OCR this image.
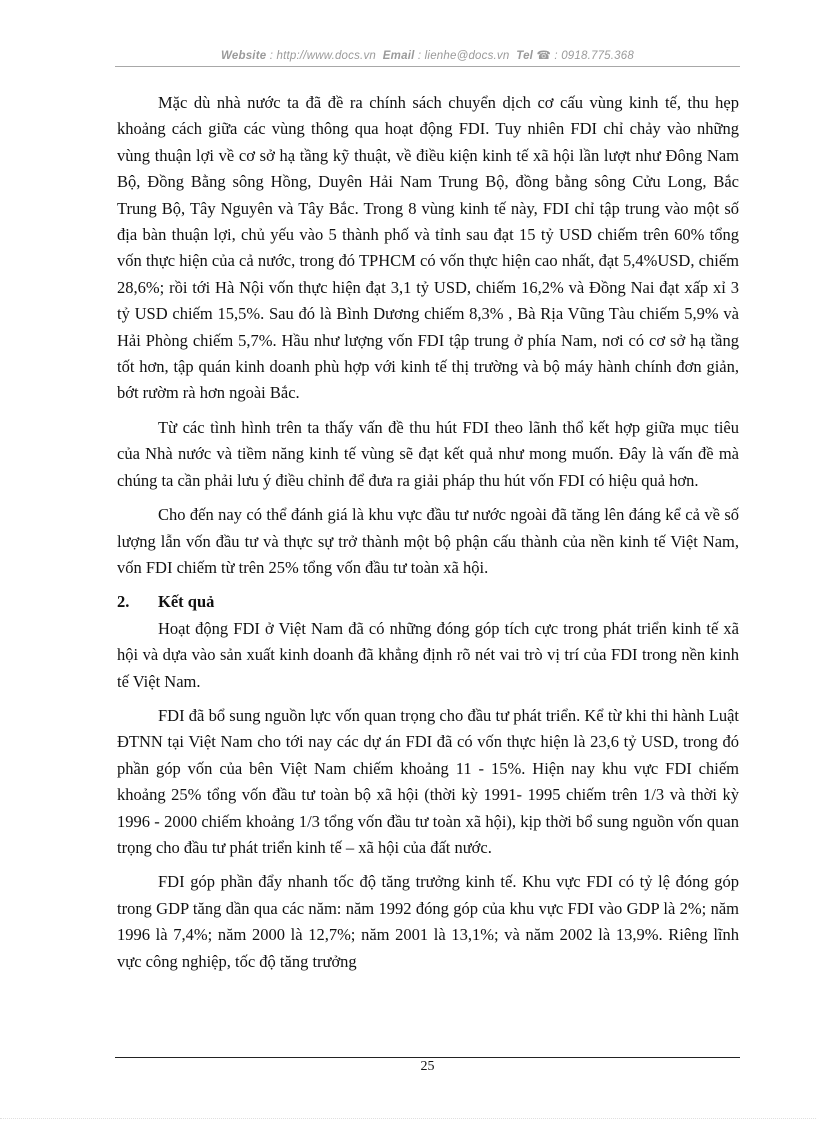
Website : http://www.docs.vn Email : lienhe@docs.vn Tel ☎ : 0918.775.368

Mặc dù nhà nước ta đã đề ra chính sách chuyển dịch cơ cấu vùng kinh tế, thu hẹp khoảng cách giữa các vùng thông qua hoạt động FDI. Tuy nhiên FDI chỉ chảy vào những vùng thuận lợi về cơ sở hạ tầng kỹ thuật, về điều kiện kinh tế xã hội lần lượt như Đông Nam Bộ, Đồng Bằng sông Hồng, Duyên Hải Nam Trung Bộ, đồng bằng sông Cửu Long, Bắc Trung Bộ, Tây Nguyên và Tây Bắc. Trong 8 vùng kinh tế này, FDI chỉ tập trung vào một số địa bàn thuận lợi, chủ yếu vào 5 thành phố và tỉnh sau đạt 15 tỷ USD chiếm trên 60% tổng vốn thực hiện của cả nước, trong đó TPHCM có vốn thực hiện cao nhất, đạt 5,4%USD, chiếm 28,6%; rồi tới Hà Nội vốn thực hiện đạt 3,1 tỷ USD, chiếm 16,2% và Đồng Nai đạt xấp xỉ 3 tỷ USD chiếm 15,5%. Sau đó là Bình Dương chiếm 8,3% , Bà Rịa Vũng Tàu chiếm 5,9% và Hải Phòng chiếm 5,7%. Hầu như lượng vốn FDI tập trung ở phía Nam, nơi có cơ sở hạ tầng tốt hơn, tập quán kinh doanh phù hợp với kinh tế thị trường và bộ máy hành chính đơn giản, bớt rườm rà hơn ngoài Bắc.

Từ các tình hình trên ta thấy vấn đề thu hút FDI theo lãnh thổ kết hợp giữa mục tiêu của Nhà nước và tiềm năng kinh tế vùng sẽ đạt kết quả như mong muốn. Đây là vấn đề mà chúng ta cần phải lưu ý điều chỉnh để đưa ra giải pháp thu hút vốn FDI có hiệu quả hơn.

Cho đến nay có thể đánh giá là khu vực đầu tư nước ngoài đã tăng lên đáng kể cả về số lượng lẫn vốn đầu tư và thực sự trở thành một bộ phận cấu thành của nền kinh tế Việt Nam, vốn FDI chiếm từ trên 25% tổng vốn đầu tư toàn xã hội.

2.	Kết quả

Hoạt động FDI ở Việt Nam đã có những đóng góp tích cực trong phát triển kinh tế xã hội và dựa vào sản xuất kinh doanh đã khẳng định rõ nét vai trò vị trí của FDI trong nền kinh tế Việt Nam.

FDI đã bổ sung nguồn lực vốn quan trọng cho đầu tư phát triển. Kể từ khi thi hành Luật ĐTNN tại Việt Nam cho tới nay các dự án FDI đã có vốn thực hiện là 23,6 tỷ USD, trong đó phần góp vốn của bên Việt Nam chiếm khoảng 11 - 15%. Hiện nay khu vực FDI chiếm khoảng 25% tổng vốn đầu tư toàn bộ xã hội (thời kỳ 1991- 1995 chiếm trên 1/3 và thời kỳ 1996 - 2000 chiếm khoảng 1/3 tổng vốn đầu tư toàn xã hội), kịp thời bổ sung nguồn vốn quan trọng cho đầu tư phát triển kinh tế – xã hội của đất nước.

FDI góp phần đẩy nhanh tốc độ tăng trưởng kinh tế. Khu vực FDI có tỷ lệ đóng góp trong GDP tăng dần qua các năm: năm 1992 đóng góp của khu vực FDI vào GDP là 2%; năm 1996 là 7,4%; năm 2000 là 12,7%; năm 2001 là 13,1%; và năm 2002 là 13,9%. Riêng lĩnh vực công nghiệp, tốc độ tăng trưởng

25
